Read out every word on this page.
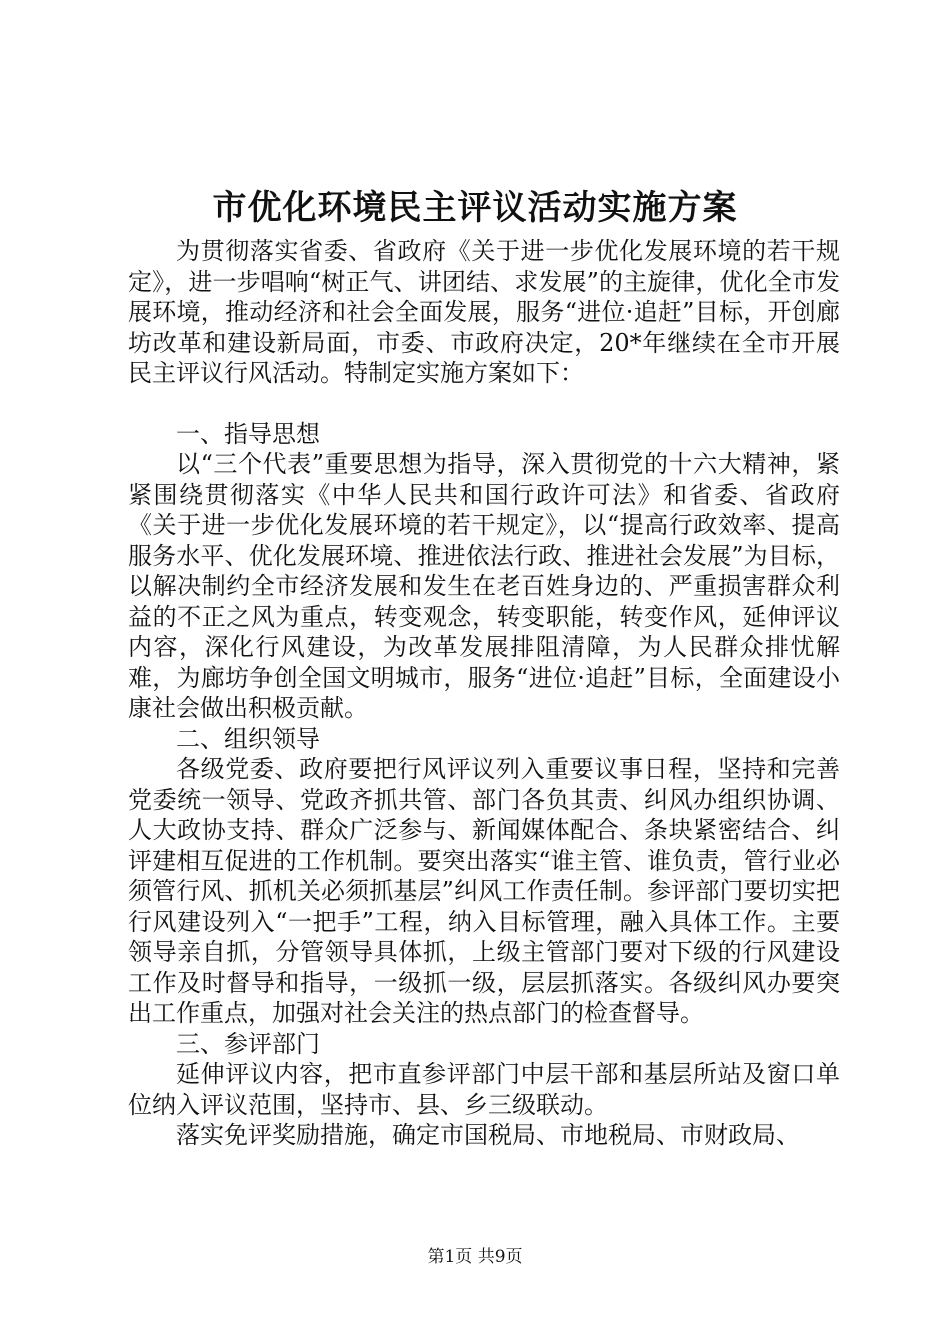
市优化环境民主评议活动实施方案

为贯彻落实省委、省政府《关于进一步优化发展环境的若干规定》，进一步唱响“树正气、讲团结、求发展”的主旋律，优化全市发展环境，推动经济和社会全面发展，服务“进位·追赶”目标，开创廊坊改革和建设新局面，市委、市政府决定，20*年继续在全市开展民主评议行风活动。特制定实施方案如下：

一、指导思想

以“三个代表”重要思想为指导，深入贯彻党的十六大精神，紧紧围绕贯彻落实《中华人民共和国行政许可法》和省委、省政府《关于进一步优化发展环境的若干规定》，以“提高行政效率、提高服务水平、优化发展环境、推进依法行政、推进社会发展”为目标，以解决制约全市经济发展和发生在老百姓身边的、严重损害群众利益的不正之风为重点，转变观念，转变职能，转变作风，延伸评议内容，深化行风建设，为改革发展排阻清障，为人民群众排忧解难，为廊坊争创全国文明城市，服务“进位·追赶”目标，全面建设小康社会做出积极贡献。

二、组织领导

各级党委、政府要把行风评议列入重要议事日程，坚持和完善党委统一领导、党政齐抓共管、部门各负其责、纠风办组织协调、人大政协支持、群众广泛参与、新闻媒体配合、条块紧密结合、纠评建相互促进的工作机制。要突出落实“谁主管、谁负责，管行业必须管行风、抓机关必须抓基层”纠风工作责任制。参评部门要切实把行风建设列入“一把手”工程，纳入目标管理，融入具体工作。主要领导亲自抓，分管领导具体抓，上级主管部门要对下级的行风建设工作及时督导和指导，一级抓一级，层层抓落实。各级纠风办要突出工作重点，加强对社会关注的热点部门的检查督导。

三、参评部门

延伸评议内容，把市直参评部门中层干部和基层所站及窗口单位纳入评议范围，坚持市、县、乡三级联动。

落实免评奖励措施，确定市国税局、市地税局、市财政局、

第1页 共9页
